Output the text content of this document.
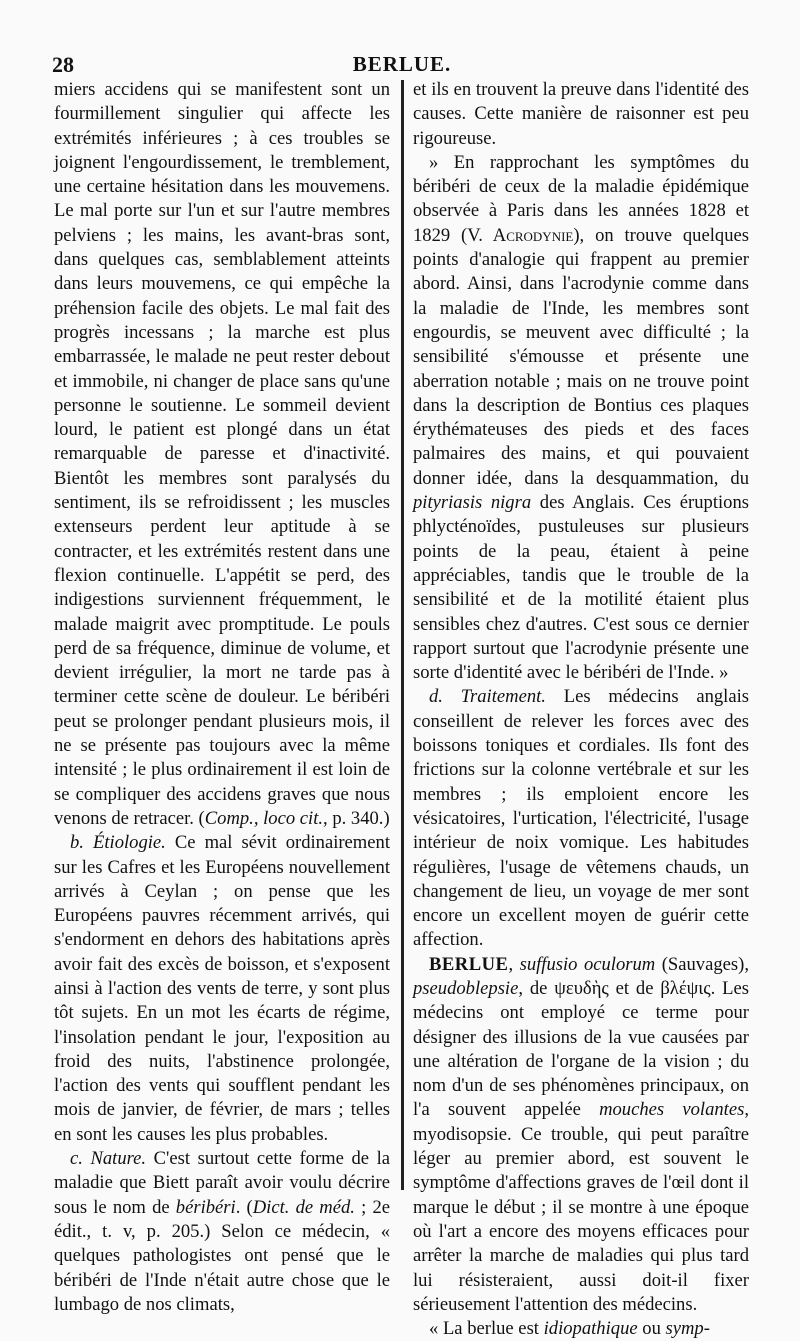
28	BERLUE.

miers accidens qui se manifestent sont un fourmillement singulier qui affecte les extrémités inférieures ; à ces troubles se joignent l'engourdissement, le tremblement, une certaine hésitation dans les mouvemens. Le mal porte sur l'un et sur l'autre membres pelviens ; les mains, les avant-bras sont, dans quelques cas, semblablement atteints dans leurs mouvemens, ce qui empêche la préhension facile des objets. Le mal fait des progrès incessans ; la marche est plus embarrassée, le malade ne peut rester debout et immobile, ni changer de place sans qu'une personne le soutienne. Le sommeil devient lourd, le patient est plongé dans un état remarquable de paresse et d'inactivité. Bientôt les membres sont paralysés du sentiment, ils se refroidissent ; les muscles extenseurs perdent leur aptitude à se contracter, et les extrémités restent dans une flexion continuelle. L'appétit se perd, des indigestions surviennent fréquemment, le malade maigrit avec promptitude. Le pouls perd de sa fréquence, diminue de volume, et devient irrégulier, la mort ne tarde pas à terminer cette scène de douleur. Le béribéri peut se prolonger pendant plusieurs mois, il ne se présente pas toujours avec la même intensité ; le plus ordinairement il est loin de se compliquer des accidens graves que nous venons de retracer. (Comp., loco cit., p. 340.)

b. Étiologie. Ce mal sévit ordinairement sur les Cafres et les Européens nouvellement arrivés à Ceylan ; on pense que les Européens pauvres récemment arrivés, qui s'endorment en dehors des habitations après avoir fait des excès de boisson, et s'exposent ainsi à l'action des vents de terre, y sont plus tôt sujets. En un mot les écarts de régime, l'insolation pendant le jour, l'exposition au froid des nuits, l'abstinence prolongée, l'action des vents qui soufflent pendant les mois de janvier, de février, de mars ; telles en sont les causes les plus probables.

c. Nature. C'est surtout cette forme de la maladie que Biett paraît avoir voulu décrire sous le nom de béribéri. (Dict. de méd. ; 2e édit., t. v, p. 205.) Selon ce médecin, « quelques pathologistes ont pensé que le béribéri de l'Inde n'était autre chose que le lumbago de nos climats,

et ils en trouvent la preuve dans l'identité des causes. Cette manière de raisonner est peu rigoureuse.

» En rapprochant les symptômes du béribéri de ceux de la maladie épidémique observée à Paris dans les années 1828 et 1829 (V. Acrodynie), on trouve quelques points d'analogie qui frappent au premier abord. Ainsi, dans l'acrodynie comme dans la maladie de l'Inde, les membres sont engourdis, se meuvent avec difficulté ; la sensibilité s'émousse et présente une aberration notable ; mais on ne trouve point dans la description de Bontius ces plaques érythémateuses des pieds et des faces palmaires des mains, et qui pouvaient donner idée, dans la desquammation, du pityriasis nigra des Anglais. Ces éruptions phlycténoïdes, pustuleuses sur plusieurs points de la peau, étaient à peine appréciables, tandis que le trouble de la sensibilité et de la motilité étaient plus sensibles chez d'autres. C'est sous ce dernier rapport surtout que l'acrodynie présente une sorte d'identité avec le béribéri de l'Inde. »

d. Traitement. Les médecins anglais conseillent de relever les forces avec des boissons toniques et cordiales. Ils font des frictions sur la colonne vertébrale et sur les membres ; ils emploient encore les vésicatoires, l'urtication, l'électricité, l'usage intérieur de noix vomique. Les habitudes régulières, l'usage de vêtemens chauds, un changement de lieu, un voyage de mer sont encore un excellent moyen de guérir cette affection.

BERLUE, suffusio oculorum (Sauvages), pseudoblepsie, de ψευδὴς et de βλέψις. Les médecins ont employé ce terme pour désigner des illusions de la vue causées par une altération de l'organe de la vision ; du nom d'un de ses phénomènes principaux, on l'a souvent appelée mouches volantes, myodisopsie. Ce trouble, qui peut paraître léger au premier abord, est souvent le symptôme d'affections graves de l'œil dont il marque le début ; il se montre à une époque où l'art a encore des moyens efficaces pour arrêter la marche de maladies qui plus tard lui résisteraient, aussi doit-il fixer sérieusement l'attention des médecins.

« La berlue est idiopathique ou symp-
